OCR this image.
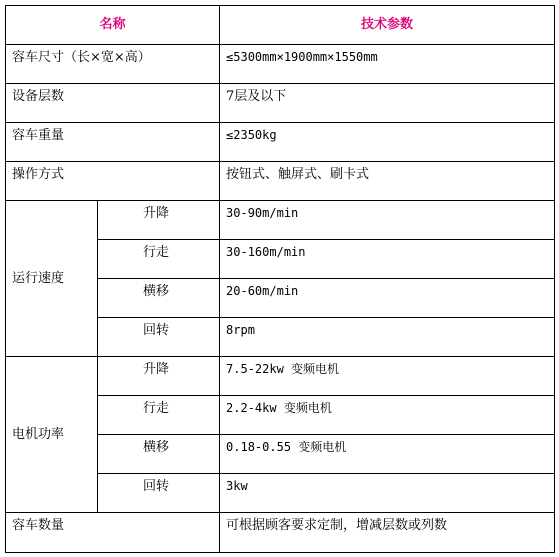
名称		技术参数
容车尺寸（长×宽×高）		≤5300mm×1900mm×1550mm
设备层数		7层及以下
容车重量		≤2350kg
操作方式		按钮式、触屏式、刷卡式
运行速度	升降	30-90m/min
	行走	30-160m/min
	横移	20-60m/min
	回转	8rpm
电机功率	升降	7.5-22kw 变频电机
	行走	2.2-4kw 变频电机
	横移	0.18-0.55 变频电机
	回转	3kw
容车数量		可根据顾客要求定制，增减层数或列数
